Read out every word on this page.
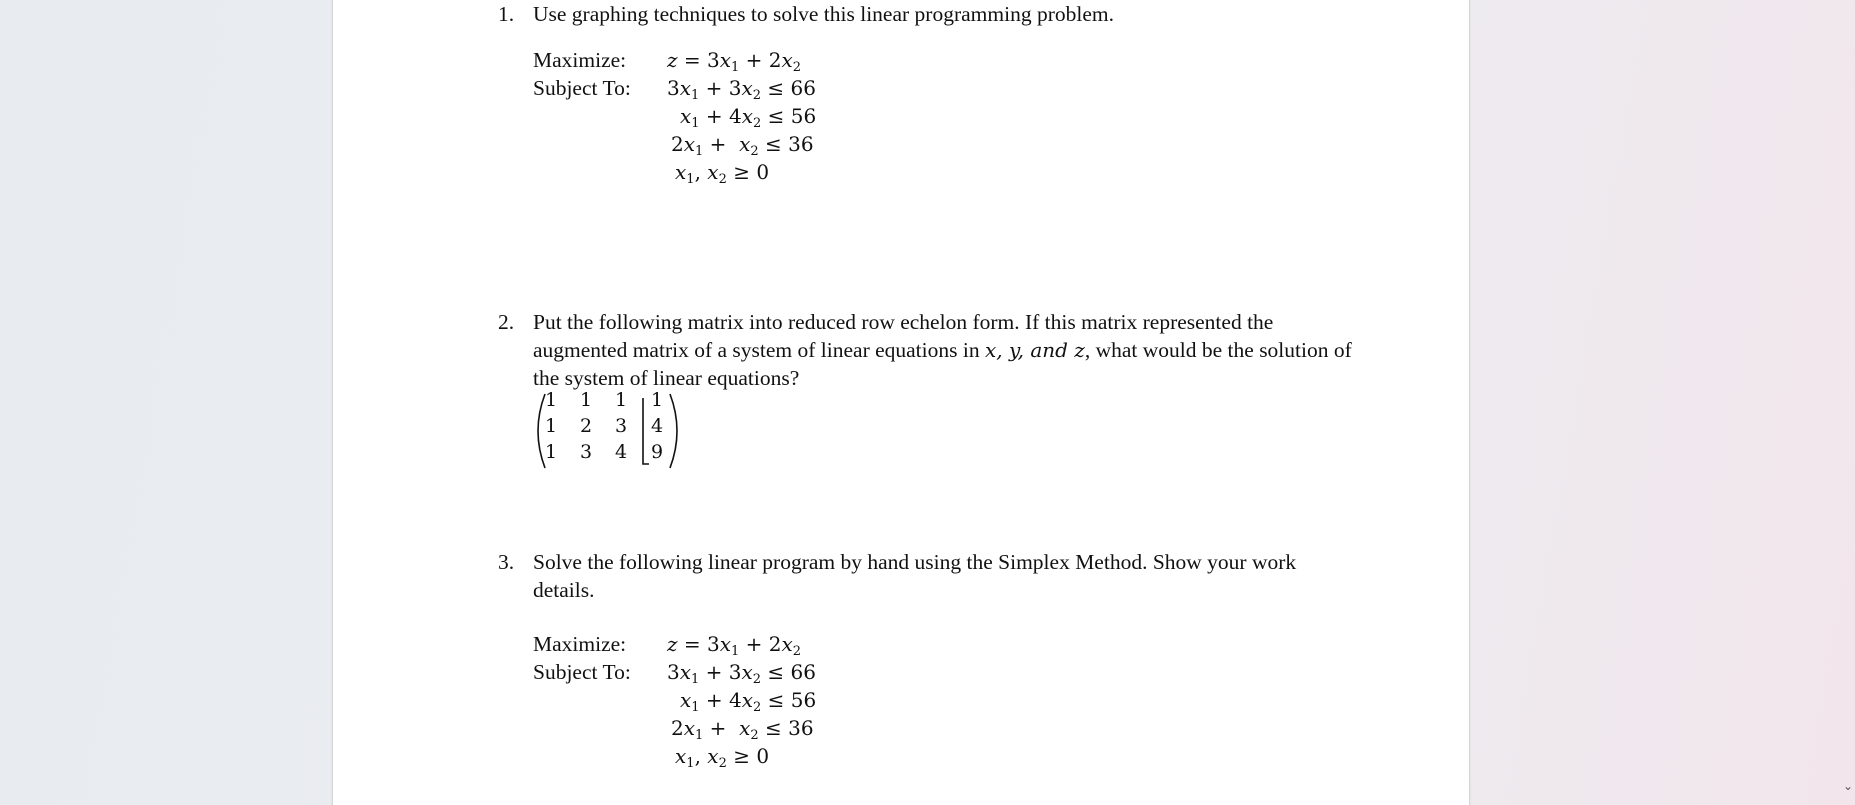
1. Use graphing techniques to solve this linear programming problem.
Maximize: $z = 3x_1 + 2x_2$
Subject To: $3x_1 + 3x_2 \le 66$
$x_1 + 4x_2 \le 56$
$2x_1 + x_2 \le 36$
$x_1$, $x_2 \ge 0$
2. Put the following matrix into reduced row echelon form. If this matrix represented the augmented matrix of a system of linear equations in x, y, and z, what would be the solution of the system of linear equations?
1 1 1 1
1 2 3 4
1 3 4 9
3. Solve the following linear program by hand using the Simplex Method. Show your work details.
Maximize: $z = 3x_1 + 2x_2$
Subject To: $3x_1 + 3x_2 \le 66$
$x_1 + 4x_2 \le 56$
$2x_1 + x_2 \le 36$
$x_1$, $x_2 \ge 0$
⌄
